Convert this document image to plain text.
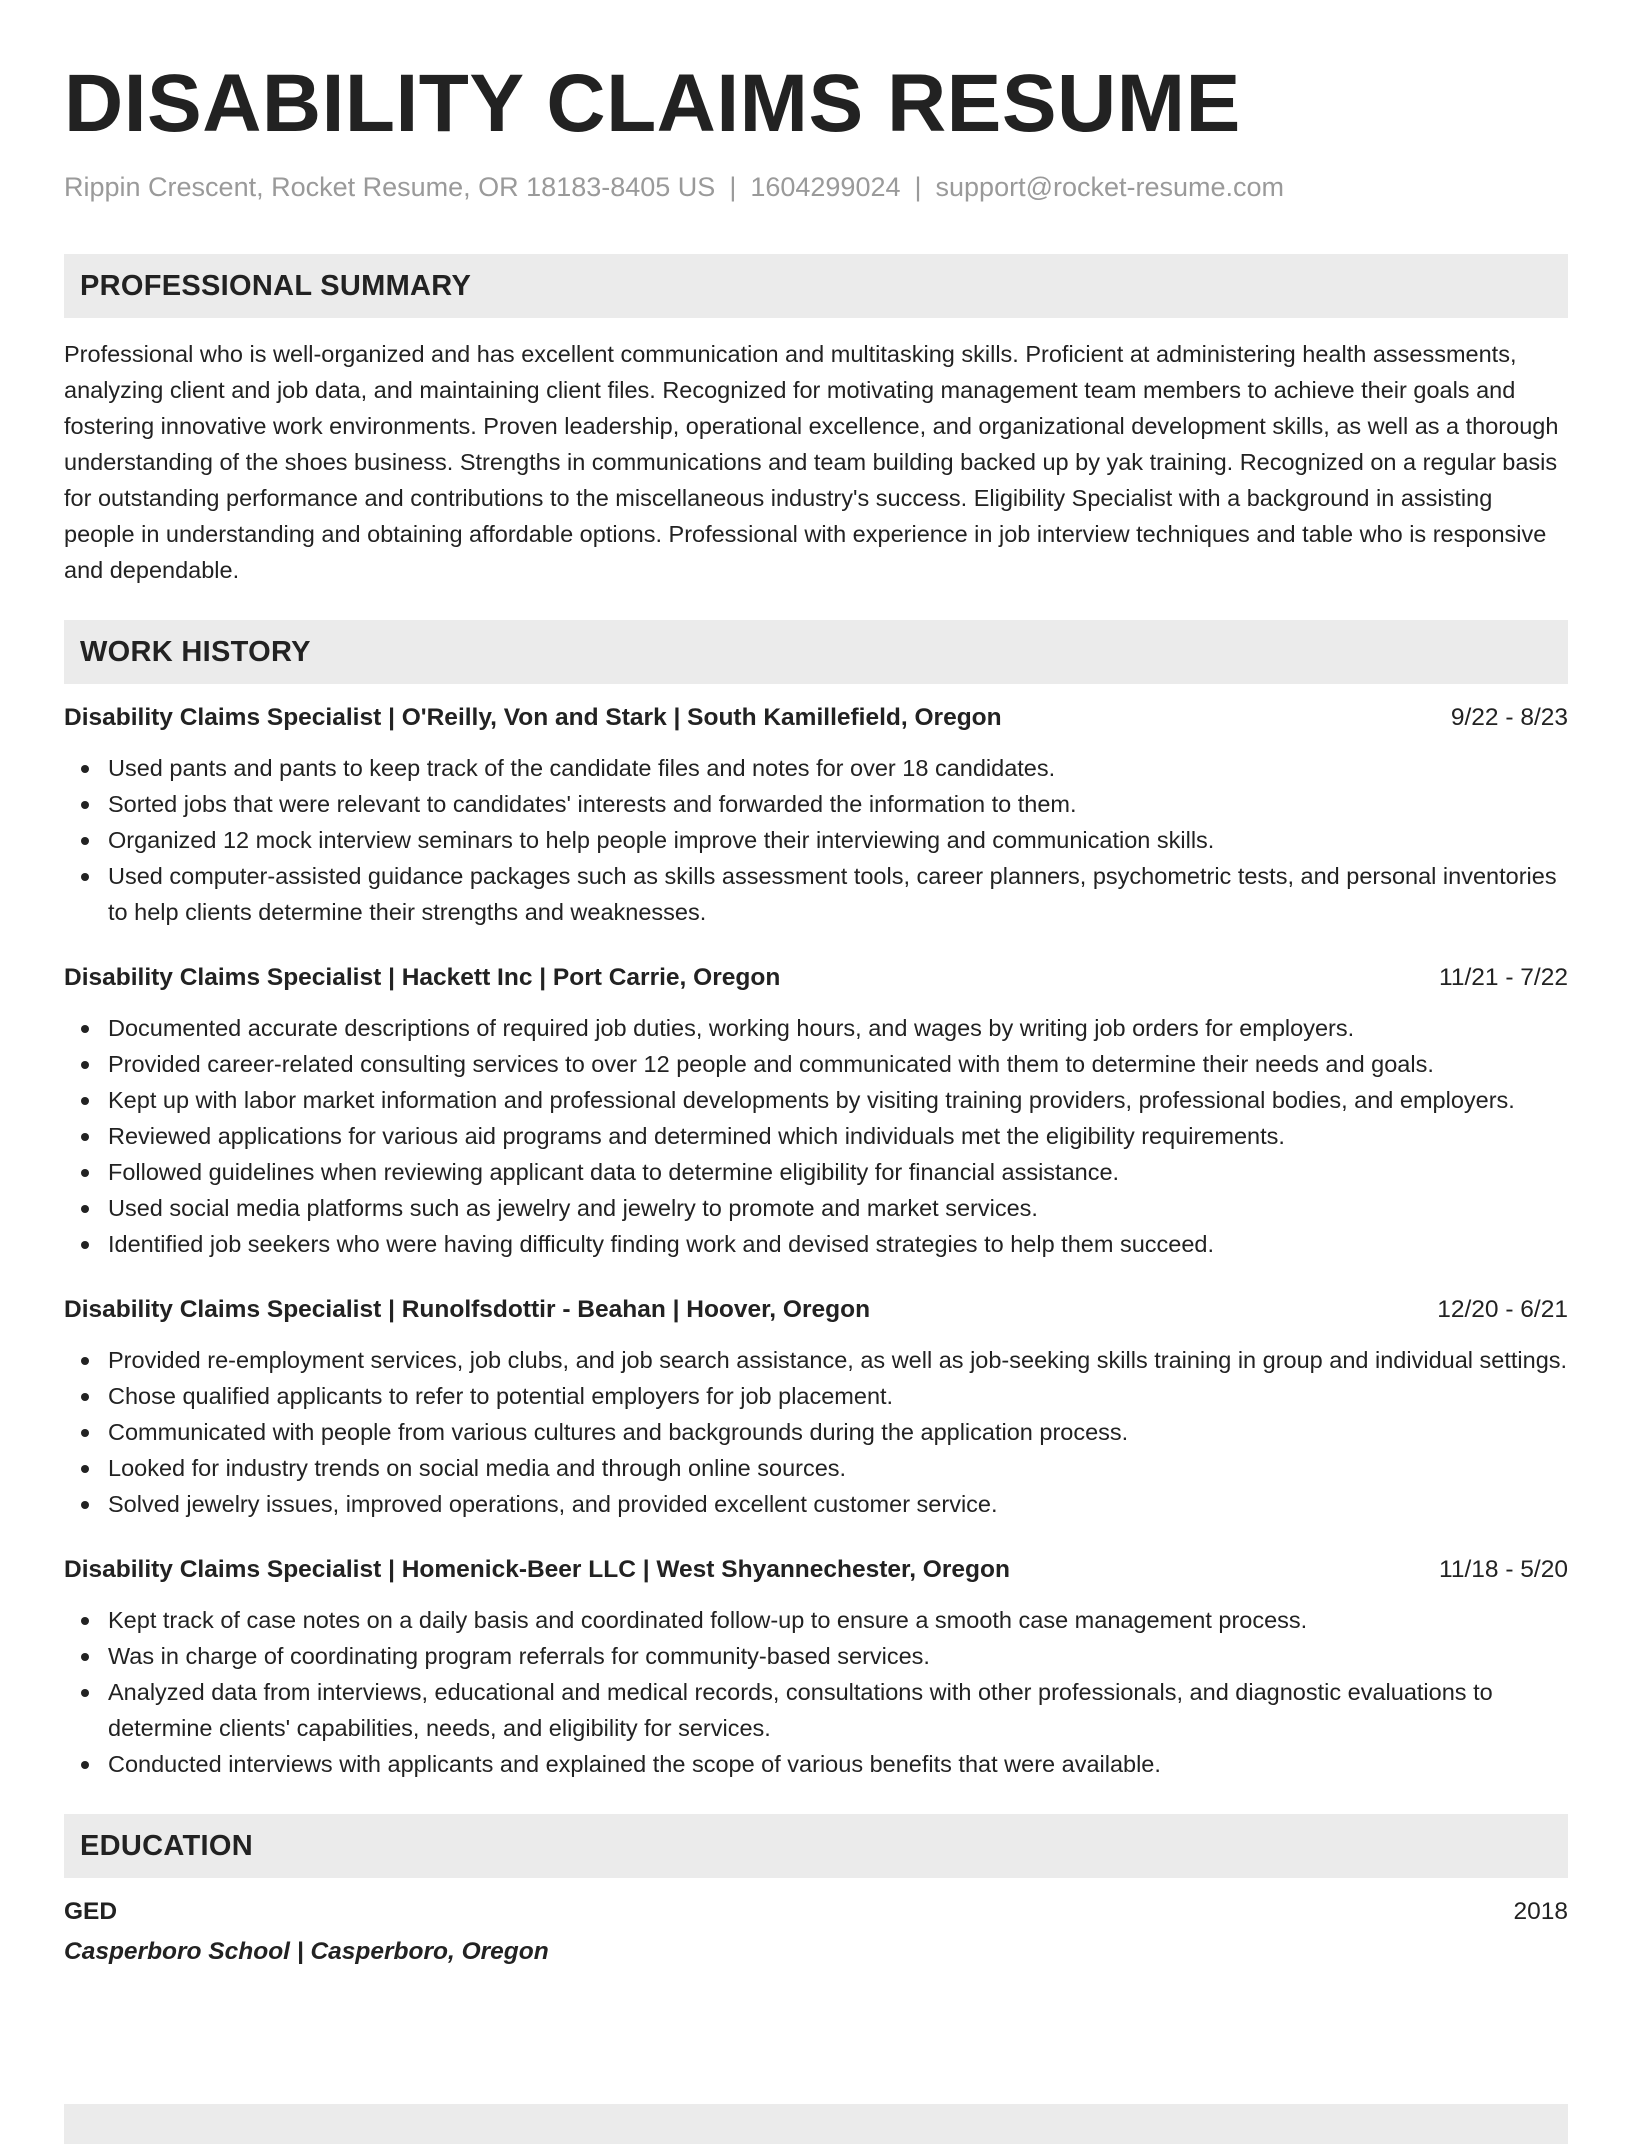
DISABILITY CLAIMS RESUME
Rippin Crescent, Rocket Resume, OR 18183-8405 US | 1604299024 | support@rocket-resume.com
PROFESSIONAL SUMMARY
Professional who is well-organized and has excellent communication and multitasking skills. Proficient at administering health assessments, analyzing client and job data, and maintaining client files. Recognized for motivating management team members to achieve their goals and fostering innovative work environments. Proven leadership, operational excellence, and organizational development skills, as well as a thorough understanding of the shoes business. Strengths in communications and team building backed up by yak training. Recognized on a regular basis for outstanding performance and contributions to the miscellaneous industry's success. Eligibility Specialist with a background in assisting people in understanding and obtaining affordable options. Professional with experience in job interview techniques and table who is responsive and dependable.
WORK HISTORY
Disability Claims Specialist | O'Reilly, Von and Stark | South Kamillefield, Oregon	9/22 - 8/23
Used pants and pants to keep track of the candidate files and notes for over 18 candidates.
Sorted jobs that were relevant to candidates' interests and forwarded the information to them.
Organized 12 mock interview seminars to help people improve their interviewing and communication skills.
Used computer-assisted guidance packages such as skills assessment tools, career planners, psychometric tests, and personal inventories to help clients determine their strengths and weaknesses.
Disability Claims Specialist | Hackett Inc | Port Carrie, Oregon	11/21 - 7/22
Documented accurate descriptions of required job duties, working hours, and wages by writing job orders for employers.
Provided career-related consulting services to over 12 people and communicated with them to determine their needs and goals.
Kept up with labor market information and professional developments by visiting training providers, professional bodies, and employers.
Reviewed applications for various aid programs and determined which individuals met the eligibility requirements.
Followed guidelines when reviewing applicant data to determine eligibility for financial assistance.
Used social media platforms such as jewelry and jewelry to promote and market services.
Identified job seekers who were having difficulty finding work and devised strategies to help them succeed.
Disability Claims Specialist | Runolfsdottir - Beahan | Hoover, Oregon	12/20 - 6/21
Provided re-employment services, job clubs, and job search assistance, as well as job-seeking skills training in group and individual settings.
Chose qualified applicants to refer to potential employers for job placement.
Communicated with people from various cultures and backgrounds during the application process.
Looked for industry trends on social media and through online sources.
Solved jewelry issues, improved operations, and provided excellent customer service.
Disability Claims Specialist | Homenick-Beer LLC | West Shyannechester, Oregon	11/18 - 5/20
Kept track of case notes on a daily basis and coordinated follow-up to ensure a smooth case management process.
Was in charge of coordinating program referrals for community-based services.
Analyzed data from interviews, educational and medical records, consultations with other professionals, and diagnostic evaluations to determine clients' capabilities, needs, and eligibility for services.
Conducted interviews with applicants and explained the scope of various benefits that were available.
EDUCATION
GED	2018
Casperboro School | Casperboro, Oregon
